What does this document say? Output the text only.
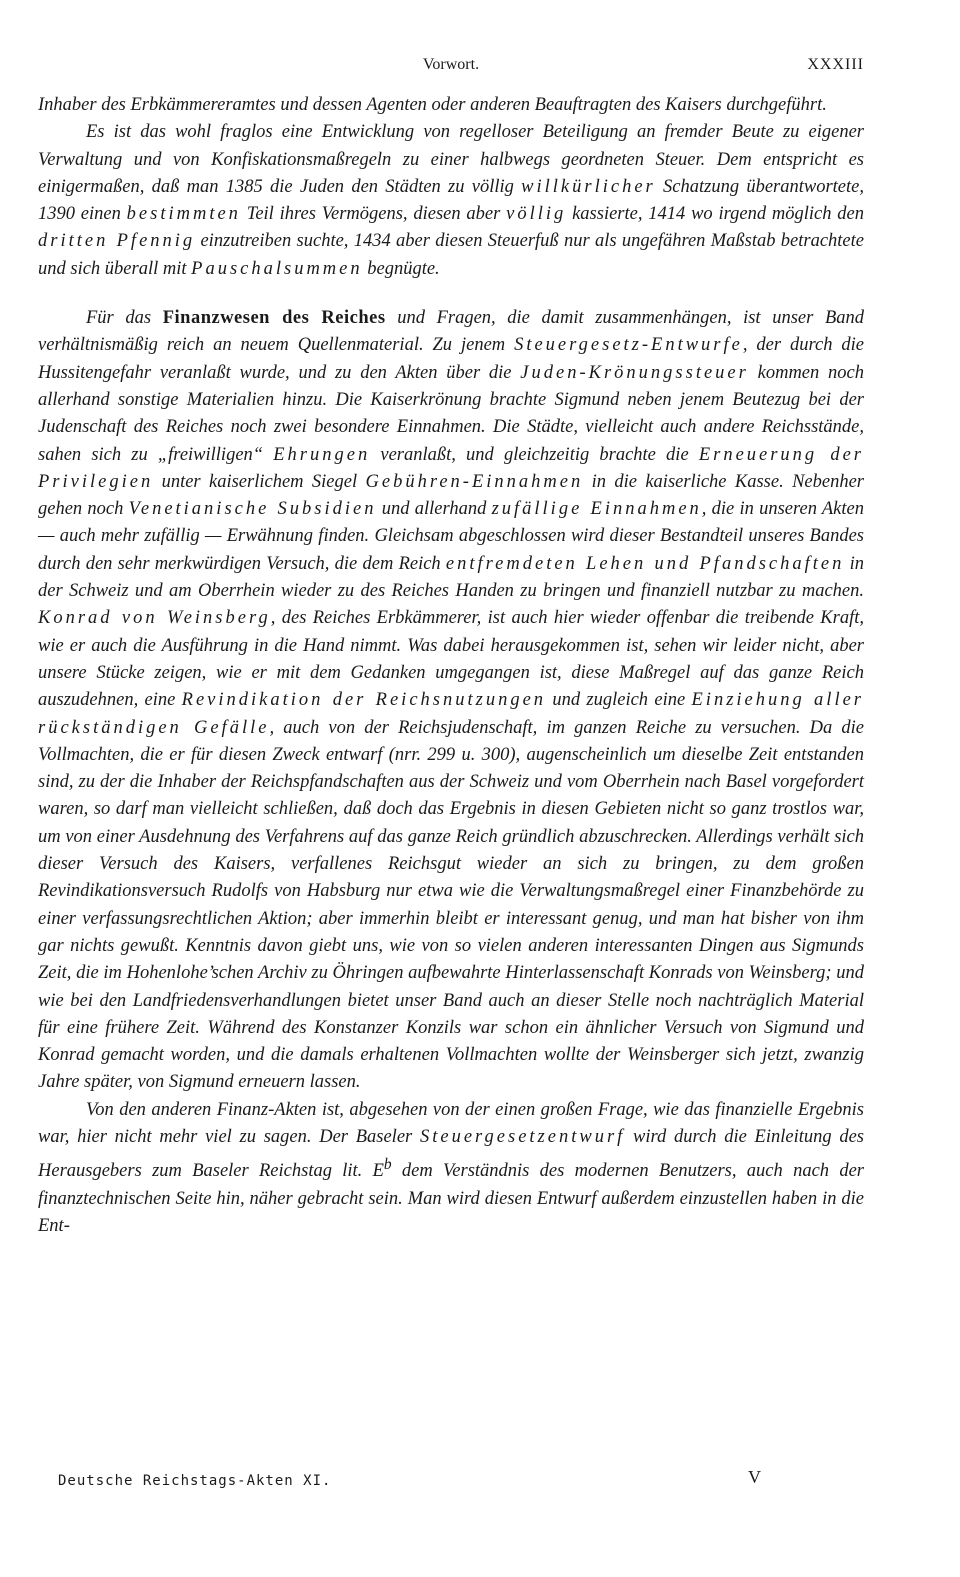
Vorwort.	XXXIII

Inhaber des Erbkämmereramtes und dessen Agenten oder anderen Beauftragten des Kaisers durchgeführt.

Es ist das wohl fraglos eine Entwicklung von regelloser Beteiligung an fremder Beute zu eigener Verwaltung und von Konfiskationsmaßregeln zu einer halbwegs geordneten Steuer. Dem entspricht es einigermaßen, daß man 1385 die Juden den Städten zu völlig willkürlicher Schatzung überantwortete, 1390 einen bestimmten Teil ihres Vermögens, diesen aber völlig kassierte, 1414 wo irgend möglich den dritten Pfennig einzutreiben suchte, 1434 aber diesen Steuerfuß nur als ungefähren Maßstab betrachtete und sich überall mit Pauschalsummen begnügte.

Für das Finanzwesen des Reiches und Fragen, die damit zusammenhängen, ist unser Band verhältnismäßig reich an neuem Quellenmaterial. Zu jenem Steuergesetz-Entwurfe, der durch die Hussitengefahr veranlaßt wurde, und zu den Akten über die Juden-Krönungssteuer kommen noch allerhand sonstige Materialien hinzu. Die Kaiserkrönung brachte Sigmund neben jenem Beutezug bei der Judenschaft des Reiches noch zwei besondere Einnahmen. Die Städte, vielleicht auch andere Reichsstände, sahen sich zu „freiwilligen“ Ehrungen veranlaßt, und gleichzeitig brachte die Erneuerung der Privilegien unter kaiserlichem Siegel Gebühren-Einnahmen in die kaiserliche Kasse. Nebenher gehen noch Venetianische Subsidien und allerhand zufällige Einnahmen, die in unseren Akten — auch mehr zufällig — Erwähnung finden. Gleichsam abgeschlossen wird dieser Bestandteil unseres Bandes durch den sehr merkwürdigen Versuch, die dem Reich entfremdeten Lehen und Pfandschaften in der Schweiz und am Oberrhein wieder zu des Reiches Handen zu bringen und finanziell nutzbar zu machen. Konrad von Weinsberg, des Reiches Erbkämmerer, ist auch hier wieder offenbar die treibende Kraft, wie er auch die Ausführung in die Hand nimmt. Was dabei herausgekommen ist, sehen wir leider nicht, aber unsere Stücke zeigen, wie er mit dem Gedanken umgegangen ist, diese Maßregel auf das ganze Reich auszudehnen, eine Revindikation der Reichsnutzungen und zugleich eine Einziehung aller rückständigen Gefälle, auch von der Reichsjudenschaft, im ganzen Reiche zu versuchen. Da die Vollmachten, die er für diesen Zweck entwarf (nrr. 299 u. 300), augenscheinlich um dieselbe Zeit entstanden sind, zu der die Inhaber der Reichspfandschaften aus der Schweiz und vom Oberrhein nach Basel vorgefordert waren, so darf man vielleicht schließen, daß doch das Ergebnis in diesen Gebieten nicht so ganz trostlos war, um von einer Ausdehnung des Verfahrens auf das ganze Reich gründlich abzuschrecken. Allerdings verhält sich dieser Versuch des Kaisers, verfallenes Reichsgut wieder an sich zu bringen, zu dem großen Revindikationsversuch Rudolfs von Habsburg nur etwa wie die Verwaltungsmaßregel einer Finanzbehörde zu einer verfassungsrechtlichen Aktion; aber immerhin bleibt er interessant genug, und man hat bisher von ihm gar nichts gewußt. Kenntnis davon giebt uns, wie von so vielen anderen interessanten Dingen aus Sigmunds Zeit, die im Hohenlohe’schen Archiv zu Öhringen aufbewahrte Hinterlassenschaft Konrads von Weinsberg; und wie bei den Landfriedensverhandlungen bietet unser Band auch an dieser Stelle noch nachträglich Material für eine frühere Zeit. Während des Konstanzer Konzils war schon ein ähnlicher Versuch von Sigmund und Konrad gemacht worden, und die damals erhaltenen Vollmachten wollte der Weinsberger sich jetzt, zwanzig Jahre später, von Sigmund erneuern lassen.

Von den anderen Finanz-Akten ist, abgesehen von der einen großen Frage, wie das finanzielle Ergebnis war, hier nicht mehr viel zu sagen. Der Baseler Steuergesetzentwurf wird durch die Einleitung des Herausgebers zum Baseler Reichstag lit. $E^b$ dem Verständnis des modernen Benutzers, auch nach der finanztechnischen Seite hin, näher gebracht sein. Man wird diesen Entwurf außerdem einzustellen haben in die Ent-

Deutsche Reichstags-Akten XI.	V
